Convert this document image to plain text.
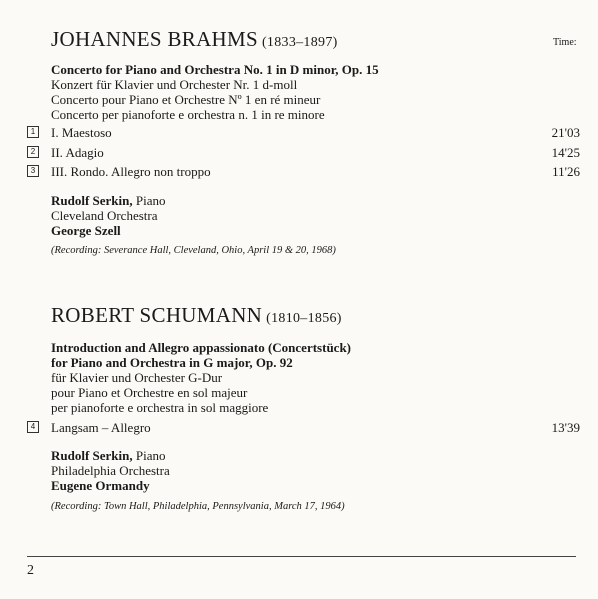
JOHANNES BRAHMS (1833–1897)	Time:
Concerto for Piano and Orchestra No. 1 in D minor, Op. 15
Konzert für Klavier und Orchester Nr. 1 d-moll
Concerto pour Piano et Orchestre Nº 1 en ré mineur
Concerto per pianoforte e orchestra n. 1 in re minore
1 I. Maestoso	21'03
2 II. Adagio	14'25
3 III. Rondo. Allegro non troppo	11'26
Rudolf Serkin, Piano
Cleveland Orchestra
George Szell
(Recording: Severance Hall, Cleveland, Ohio, April 19 & 20, 1968)
ROBERT SCHUMANN (1810–1856)
Introduction and Allegro appassionato (Concertstück)
for Piano and Orchestra in G major, Op. 92
für Klavier und Orchester G-Dur
pour Piano et Orchestre en sol majeur
per pianoforte e orchestra in sol maggiore
4 Langsam – Allegro	13'39
Rudolf Serkin, Piano
Philadelphia Orchestra
Eugene Ormandy
(Recording: Town Hall, Philadelphia, Pennsylvania, March 17, 1964)
2
